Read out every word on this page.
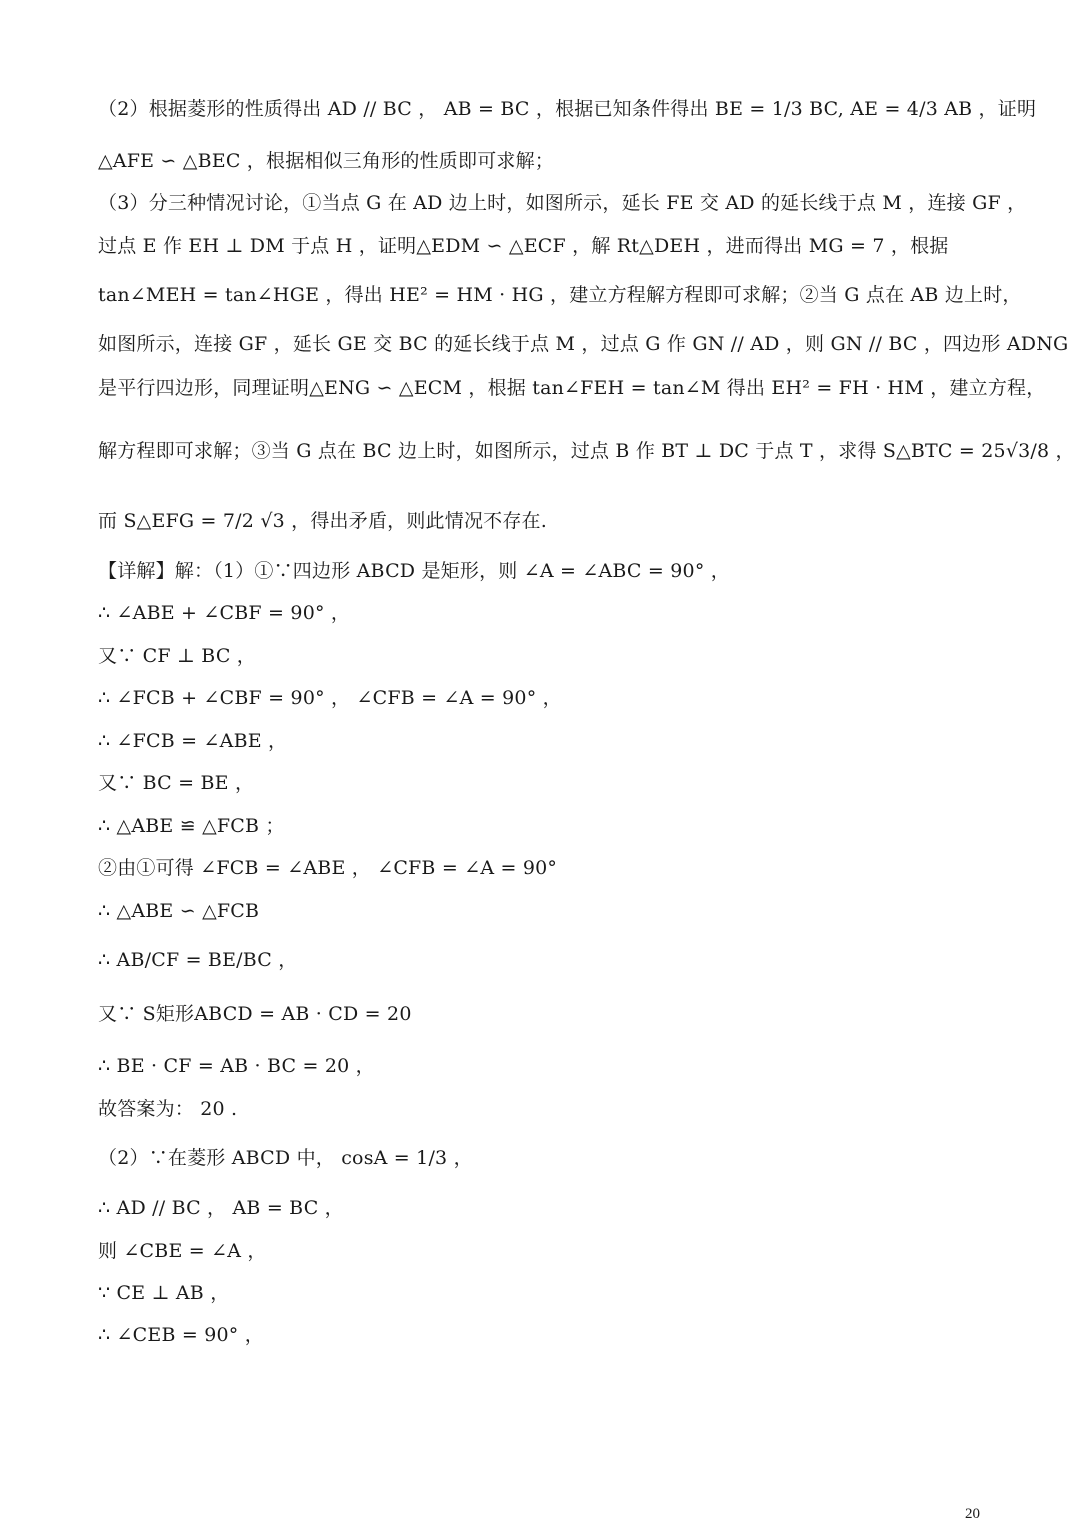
（2）根据菱形的性质得出 AD // BC ， AB = BC ，根据已知条件得出 BE = 1/3 BC, AE = 4/3 AB ，证明
△AFE ∽ △BEC ，根据相似三角形的性质即可求解；
（3）分三种情况讨论，①当点 G 在 AD 边上时，如图所示，延长 FE 交 AD 的延长线于点 M ，连接 GF ，
过点 E 作 EH ⊥ DM 于点 H ，证明△EDM ∽ △ECF ，解 Rt△DEH ，进而得出 MG = 7 ，根据
tan∠MEH = tan∠HGE ，得出 HE² = HM · HG ，建立方程解方程即可求解；②当 G 点在 AB 边上时，
如图所示，连接 GF ，延长 GE 交 BC 的延长线于点 M ，过点 G 作 GN // AD ，则 GN // BC ，四边形 ADNG
是平行四边形，同理证明△ENG ∽ △ECM ，根据 tan∠FEH = tan∠M 得出 EH² = FH · HM ，建立方程，
解方程即可求解；③当 G 点在 BC 边上时，如图所示，过点 B 作 BT ⊥ DC 于点 T ，求得 S△BTC = 25√3/8 ，
而 S△EFG = 7/2 √3 ，得出矛盾，则此情况不存在.
【详解】解：（1）①∵四边形 ABCD 是矩形，则 ∠A = ∠ABC = 90° ，
∴ ∠ABE + ∠CBF = 90° ，
又∵ CF ⊥ BC ，
∴ ∠FCB + ∠CBF = 90° ， ∠CFB = ∠A = 90° ，
∴ ∠FCB = ∠ABE ，
又∵ BC = BE ，
∴ △ABE ≌ △FCB ；
②由①可得 ∠FCB = ∠ABE ， ∠CFB = ∠A = 90°
∴ △ABE ∽ △FCB
∴ AB/CF = BE/BC ，
又∵ S矩形ABCD = AB · CD = 20
∴ BE · CF = AB · BC = 20 ，
故答案为： 20 .
（2）∵在菱形 ABCD 中， cosA = 1/3 ，
∴ AD // BC ， AB = BC ，
则 ∠CBE = ∠A ，
∵ CE ⊥ AB ，
∴ ∠CEB = 90° ，
20
